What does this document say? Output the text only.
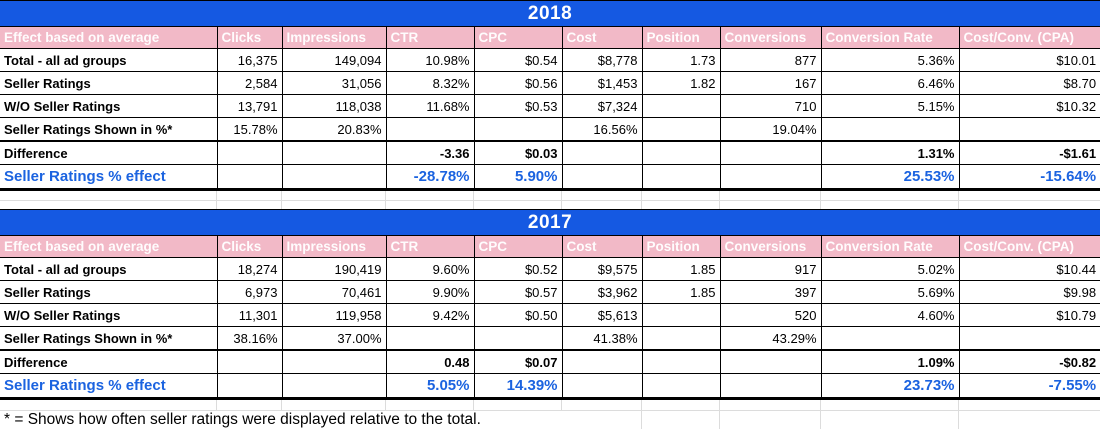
2018									
Effect based on average	Clicks	Impressions	CTR	CPC	Cost	Position	Conversions	Conversion Rate	Cost/Conv. (CPA)
Total - all ad groups	16,375	149,094	10.98%	$0.54	$8,778	1.73	877	5.36%	$10.01
Seller Ratings	2,584	31,056	8.32%	$0.56	$1,453	1.82	167	6.46%	$8.70
W/O Seller Ratings	13,791	118,038	11.68%	$0.53	$7,324		710	5.15%	$10.32
Seller Ratings Shown in %*	15.78%	20.83%			16.56%		19.04%		
Difference			-3.36	$0.03				1.31%	-$1.61
Seller Ratings % effect			-28.78%	5.90%				25.53%	-15.64%
2017									
Effect based on average	Clicks	Impressions	CTR	CPC	Cost	Position	Conversions	Conversion Rate	Cost/Conv. (CPA)
Total - all ad groups	18,274	190,419	9.60%	$0.52	$9,575	1.85	917	5.02%	$10.44
Seller Ratings	6,973	70,461	9.90%	$0.57	$3,962	1.85	397	5.69%	$9.98
W/O Seller Ratings	11,301	119,958	9.42%	$0.50	$5,613		520	4.60%	$10.79
Seller Ratings Shown in %*	38.16%	37.00%			41.38%		43.29%		
Difference			0.48	$0.07				1.09%	-$0.82
Seller Ratings % effect			5.05%	14.39%				23.73%	-7.55%
* = Shows how often seller ratings were displayed relative to the total.
